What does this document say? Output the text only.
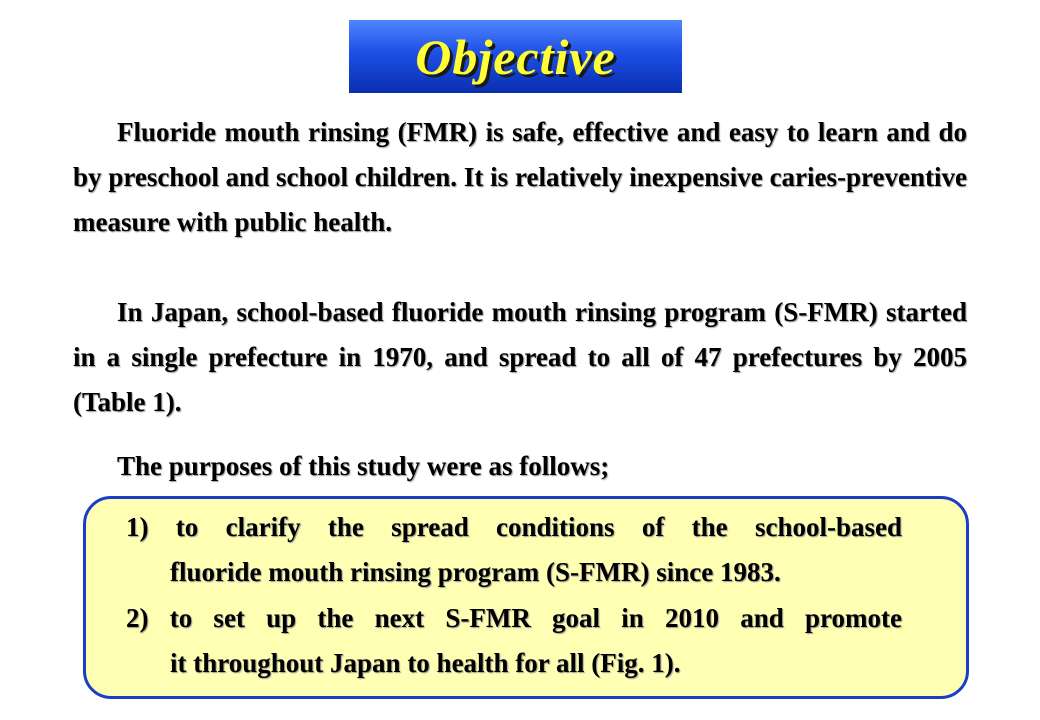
Objective

Fluoride mouth rinsing (FMR) is safe, effective and easy to learn and do by preschool and school children. It is relatively inexpensive caries-preventive measure with public health.

In Japan, school-based fluoride mouth rinsing program (S-FMR) started in a single prefecture in 1970, and spread to all of 47 prefectures by 2005 (Table 1).

The purposes of this study were as follows;

1) to clarify the spread conditions of the school-based

fluoride mouth rinsing program (S-FMR) since 1983.

2) to set up the next S-FMR goal in 2010 and promote

it throughout Japan to health for all (Fig. 1).
